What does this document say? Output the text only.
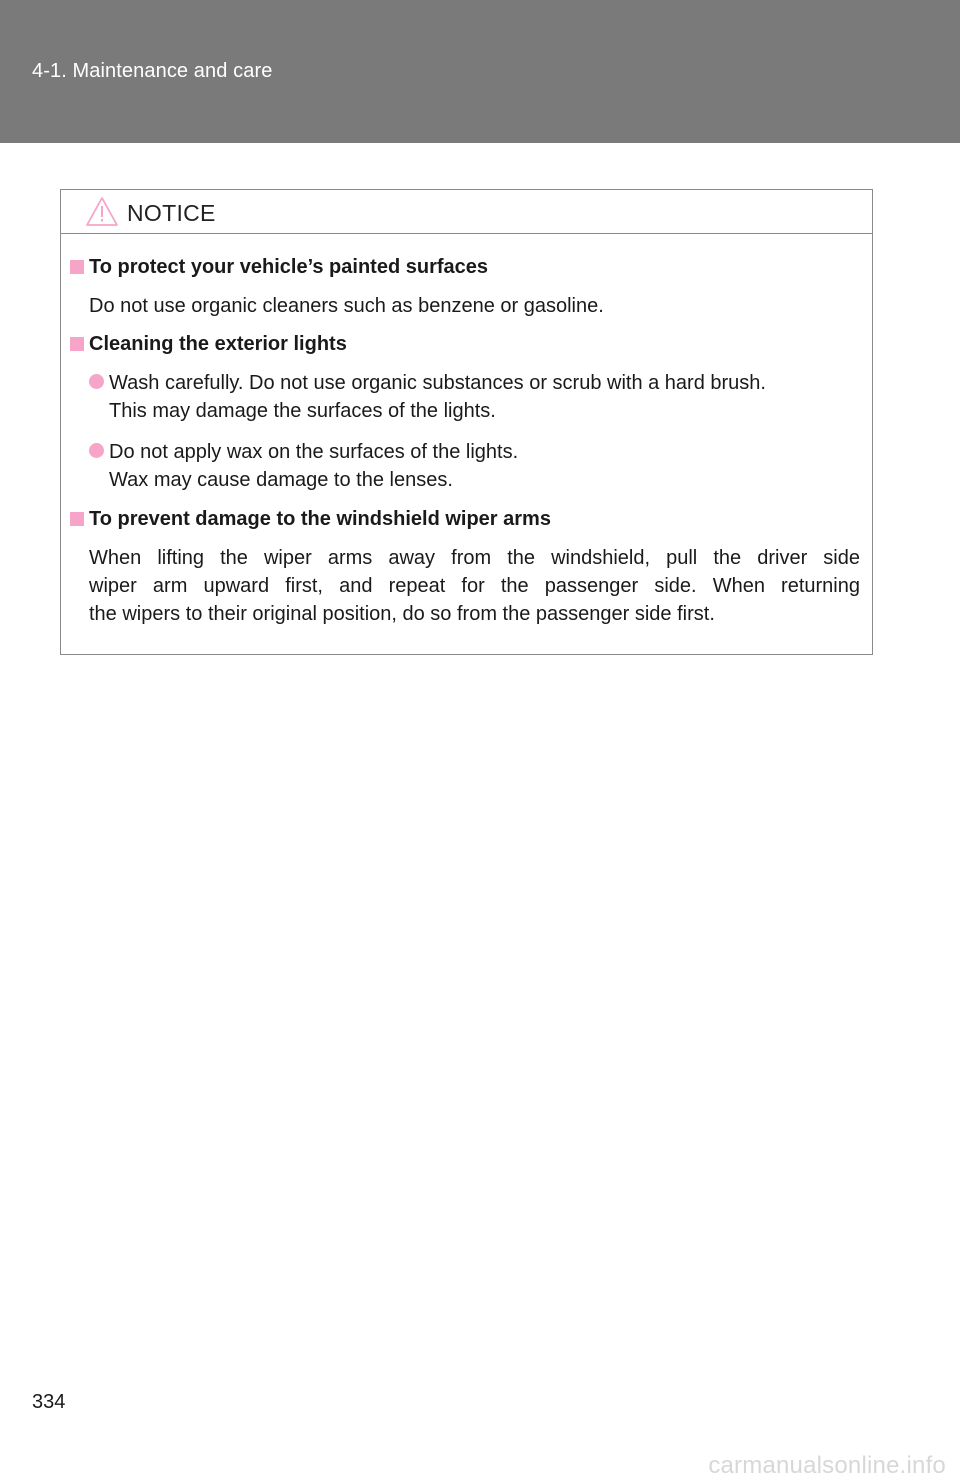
4-1. Maintenance and care
NOTICE
To protect your vehicle’s painted surfaces
Do not use organic cleaners such as benzene or gasoline.
Cleaning the exterior lights
Wash carefully. Do not use organic substances or scrub with a hard brush.
This may damage the surfaces of the lights.
Do not apply wax on the surfaces of the lights.
Wax may cause damage to the lenses.
To prevent damage to the windshield wiper arms
When lifting the wiper arms away from the windshield, pull the driver side
wiper arm upward first, and repeat for the passenger side. When returning
the wipers to their original position, do so from the passenger side first.
334
carmanualsonline.info
